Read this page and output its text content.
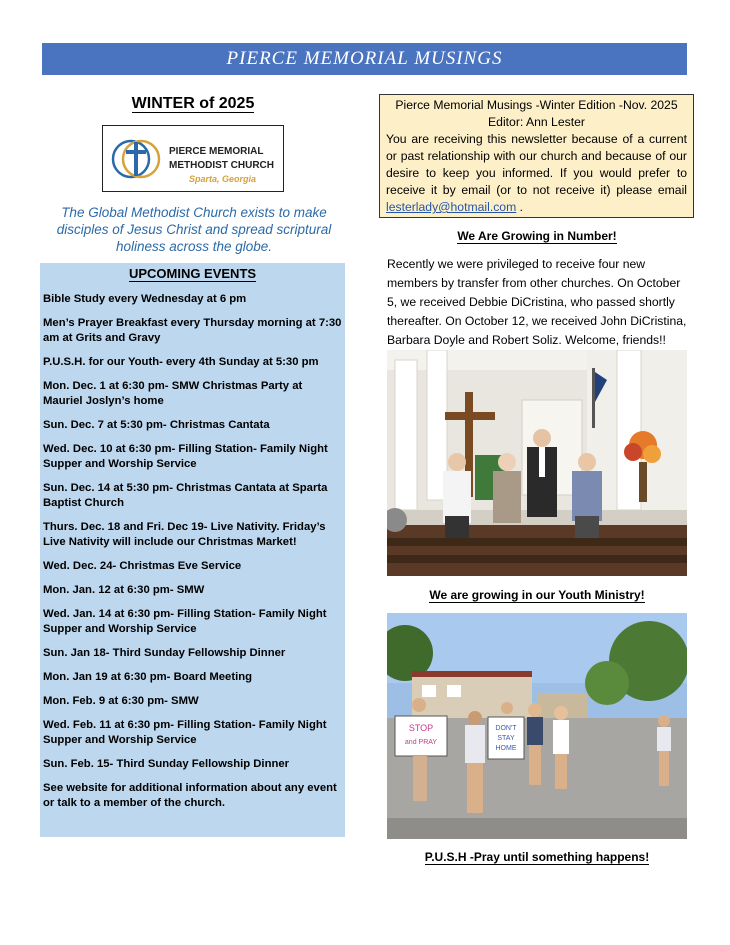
PIERCE MEMORIAL MUSINGS
WINTER of 2025
PIERCE MEMORIAL
METHODIST CHURCH
Sparta, Georgia
The Global Methodist Church exists to make disciples of Jesus Christ and spread scriptural holiness across the globe.
UPCOMING EVENTS
Bible Study every Wednesday at 6 pm
Men’s Prayer Breakfast every Thursday morning at 7:30 am at Grits and Gravy
P.U.S.H. for our Youth- every 4th Sunday at 5:30 pm
Mon. Dec. 1 at 6:30 pm- SMW Christmas Party at Mauriel Joslyn’s home
Sun. Dec. 7 at 5:30 pm- Christmas Cantata
Wed. Dec. 10 at 6:30 pm- Filling Station- Family Night Supper and Worship Service
Sun. Dec. 14 at 5:30 pm- Christmas Cantata at Sparta Baptist Church
Thurs. Dec. 18 and Fri. Dec 19- Live Nativity. Friday’s Live Nativity will include our Christmas Market!
Wed. Dec. 24- Christmas Eve Service
Mon. Jan. 12 at 6:30 pm- SMW
Wed. Jan. 14 at 6:30 pm- Filling Station- Family Night Supper and Worship Service
Sun. Jan 18- Third Sunday Fellowship Dinner
Mon. Jan 19 at 6:30 pm- Board Meeting
Mon. Feb. 9 at 6:30 pm- SMW
Wed. Feb. 11 at 6:30 pm- Filling Station- Family Night Supper and Worship Service
Sun. Feb. 15- Third Sunday Fellowship Dinner
See website for additional information about any event or talk to a member of the church.
Pierce Memorial Musings -Winter Edition -Nov. 2025
Editor: Ann Lester
You are receiving this newsletter because of a current or past relationship with our church and because of our desire to keep you informed. If you would prefer to receive it by email (or to not receive it) please email lesterlady@hotmail.com .
We Are Growing in Number!
Recently we were privileged to receive four new members by transfer from other churches. On October 5, we received Debbie DiCristina, who passed shortly thereafter. On October 12, we received John DiCristina, Barbara Doyle and Robert Soliz. Welcome, friends!!
We are growing in our Youth Ministry!
STOP
and PRAY
DON'T
STAY
HOME
P.U.S.H -Pray until something happens!
